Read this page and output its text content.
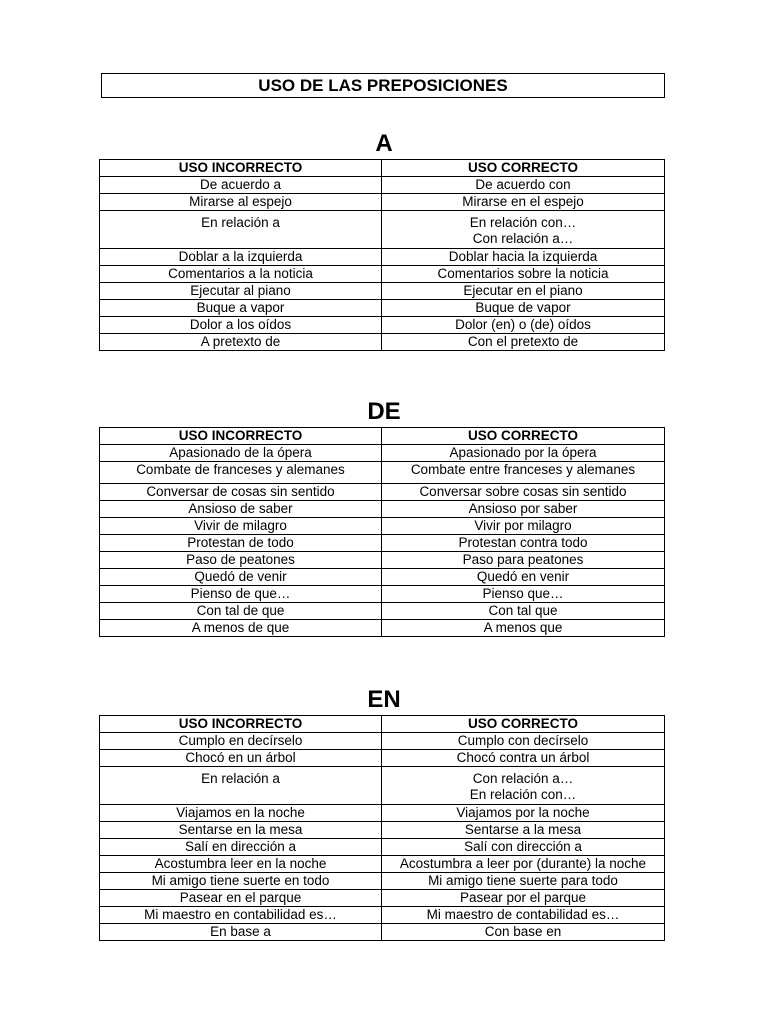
USO DE LAS PREPOSICIONES
A
USO INCORRECTO	USO CORRECTO
De acuerdo a	De acuerdo con
Mirarse al espejo	Mirarse en el espejo
En relación a	En relación con…
Con relación a…

Doblar a la izquierda	Doblar hacia la izquierda
Comentarios a la noticia	Comentarios sobre la noticia
Ejecutar al piano	Ejecutar en el piano
Buque a vapor	Buque de vapor
Dolor a los oídos	Dolor (en) o (de) oídos
A pretexto de	Con el pretexto de
DE
USO INCORRECTO	USO CORRECTO
Apasionado de la ópera	Apasionado por la ópera
Combate de franceses y alemanes	Combate entre franceses y alemanes
Conversar de cosas sin sentido	Conversar sobre cosas sin sentido
Ansioso de saber	Ansioso por saber
Vivir de milagro	Vivir por milagro
Protestan de todo	Protestan contra todo
Paso de peatones	Paso para peatones
Quedó de venir	Quedó en venir
Pienso de que…	Pienso que…
Con tal de que	Con tal que
A menos de que	A menos que
EN
USO INCORRECTO	USO CORRECTO
Cumplo en decírselo	Cumplo con decírselo
Chocó en un árbol	Chocó contra un árbol
En relación a	Con relación a…
En relación con…

Viajamos en la noche	Viajamos por la noche
Sentarse en la mesa	Sentarse a la mesa
Salí en dirección a	Salí con dirección a
Acostumbra leer en la noche	Acostumbra a leer por (durante) la noche
Mi amigo tiene suerte en todo	Mi amigo tiene suerte para todo
Pasear en el parque	Pasear por el parque
Mi maestro en contabilidad es…	Mi maestro de contabilidad es…
En base a	Con base en
